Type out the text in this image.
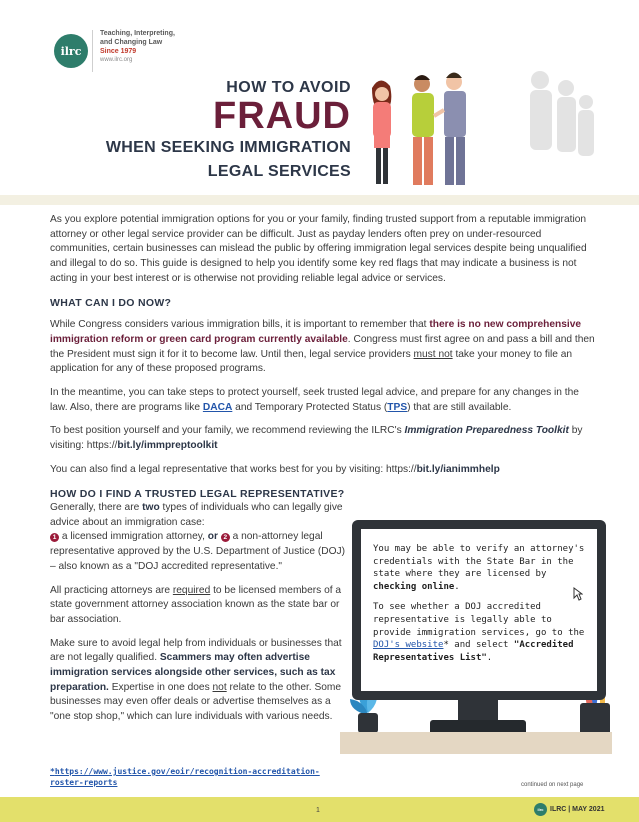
ilrc
Teaching, Interpreting,
and Changing Law
Since 1979
www.ilrc.org
HOW TO AVOID
FRAUD
WHEN SEEKING IMMIGRATION
LEGAL SERVICES

As you explore potential immigration options for you or your family, finding trusted support from a reputable immigration attorney or other legal service provider can be difficult. Just as payday lenders often prey on under-resourced communities, certain businesses can mislead the public by offering immigration legal services despite being unqualified and illegal to do so. This guide is designed to help you identify some key red flags that may indicate a business is not acting in your best interest or is otherwise not providing reliable legal advice or services.

WHAT CAN I DO NOW?

While Congress considers various immigration bills, it is important to remember that there is no new comprehensive immigration reform or green card program currently available. Congress must first agree on and pass a bill and then the President must sign it for it to become law. Until then, legal service providers must not take your money to file an application for any of these proposed programs.

In the meantime, you can take steps to protect yourself, seek trusted legal advice, and prepare for any changes in the law. Also, there are programs like DACA and Temporary Protected Status (TPS) that are still available.

To best position yourself and your family, we recommend reviewing the ILRC's Immigration Preparedness Toolkit by visiting: https://bit.ly/immpreptoolkit

You can also find a legal representative that works best for you by visiting: https://bit.ly/ianimmhelp

HOW DO I FIND A TRUSTED LEGAL REPRESENTATIVE?

Generally, there are two types of individuals who can legally give advice about an immigration case:
1 a licensed immigration attorney, or 2 a non-attorney legal representative approved by the U.S. Department of Justice (DOJ) – also known as a "DOJ accredited representative."

All practicing attorneys are required to be licensed members of a state government attorney association known as the state bar or bar association.

Make sure to avoid legal help from individuals or businesses that are not legally qualified. Scammers may often advertise immigration services alongside other services, such as tax preparation. Expertise in one does not relate to the other. Some businesses may even offer deals or advertise themselves as a "one stop shop," which can lure individuals with various needs.

*https://www.justice.gov/eoir/recognition-accreditation-roster-reports

You may be able to verify an attorney's credentials with the State Bar in the state where they are licensed by checking online.

To see whether a DOJ accredited representative is legally able to provide immigration services, go to the DOJ's website* and select "Accredited Representatives List".

continued on next page
1	ilrc ILRC | MAY 2021
